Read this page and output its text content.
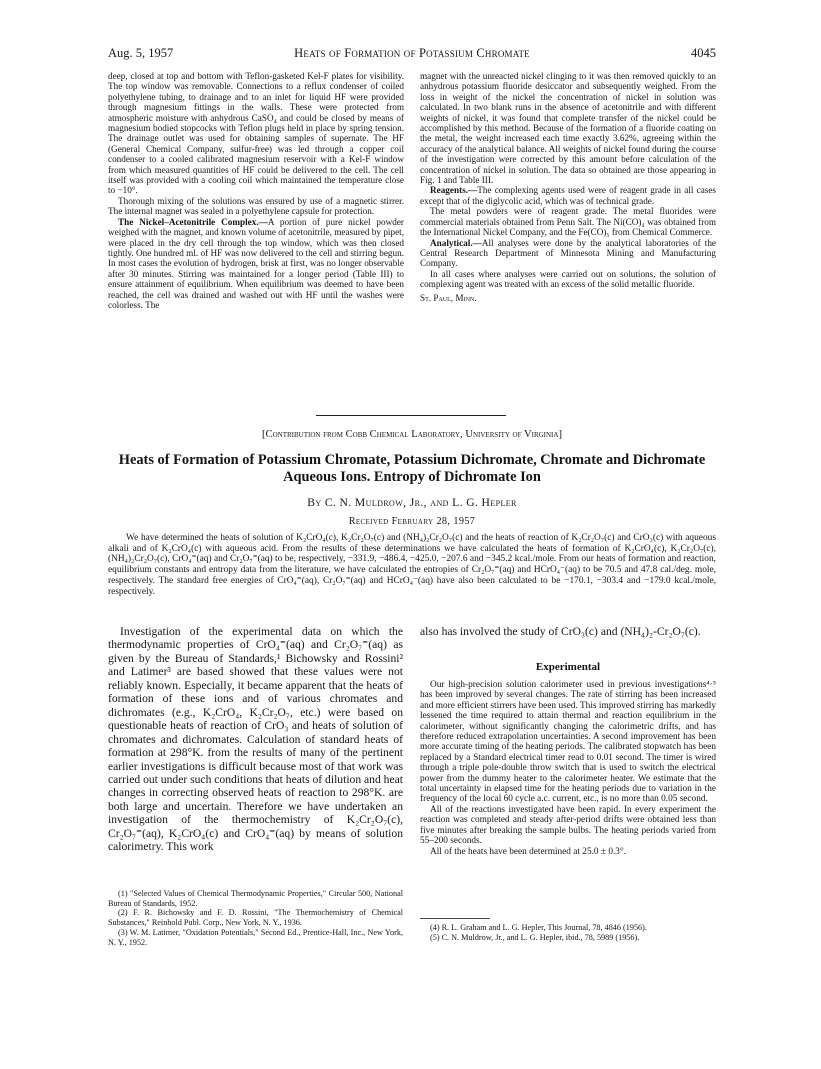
Aug. 5, 1957	Heats of Formation of Potassium Chromate	4045

deep, closed at top and bottom with Teflon-gasketed Kel-F plates for visibility. The top window was removable. Connections to a reflux condenser of coiled polyethylene tubing, to drainage and to an inlet for liquid HF were provided through magnesium fittings in the walls. These were protected from atmospheric moisture with anhydrous CaSO₄ and could be closed by means of magnesium bodied stopcocks with Teflon plugs held in place by spring tension. The drainage outlet was used for obtaining samples of supernate. The HF (General Chemical Company, sulfur-free) was led through a copper coil condenser to a cooled calibrated magnesium reservoir with a Kel-F window from which measured quantities of HF could be delivered to the cell. The cell itself was provided with a cooling coil which maintained the temperature close to −10°.

Thorough mixing of the solutions was ensured by use of a magnetic stirrer. The internal magnet was sealed in a polyethylene capsule for protection.

The Nickel–Acetonitrile Complex.—A portion of pure nickel powder weighed with the magnet, and known volume of acetonitrile, measured by pipet, were placed in the dry cell through the top window, which was then closed tightly. One hundred ml. of HF was now delivered to the cell and stirring begun. In most cases the evolution of hydrogen, brisk at first, was no longer observable after 30 minutes. Stirring was maintained for a longer period (Table III) to ensure attainment of equilibrium. When equilibrium was deemed to have been reached, the cell was drained and washed out with HF until the washes were colorless. The

magnet with the unreacted nickel clinging to it was then removed quickly to an anhydrous potassium fluoride desiccator and subsequently weighed. From the loss in weight of the nickel the concentration of nickel in solution was calculated. In two blank runs in the absence of acetonitrile and with different weights of nickel, it was found that complete transfer of the nickel could be accomplished by this method. Because of the formation of a fluoride coating on the metal, the weight increased each time exactly 3.62%, agreeing within the accuracy of the analytical balance. All weights of nickel found during the course of the investigation were corrected by this amount before calculation of the concentration of nickel in solution. The data so obtained are those appearing in Fig. 1 and Table III.

Reagents.—The complexing agents used were of reagent grade in all cases except that of the diglycolic acid, which was of technical grade.

The metal powders were of reagent grade. The metal fluorides were commercial materials obtained from Penn Salt. The Ni(CO)₄ was obtained from the International Nickel Company, and the Fe(CO)₅ from Chemical Commerce.

Analytical.—All analyses were done by the analytical laboratories of the Central Research Department of Minnesota Mining and Manufacturing Company.

In all cases where analyses were carried out on solutions, the solution of complexing agent was treated with an excess of the solid metallic fluoride.

St. Paul, Minn.

[Contribution from Cobb Chemical Laboratory, University of Virginia]
Heats of Formation of Potassium Chromate, Potassium Dichromate, Chromate and Dichromate Aqueous Ions. Entropy of Dichromate Ion
By C. N. Muldrow, Jr., and L. G. Hepler
Received February 28, 1957
We have determined the heats of solution of K₂CrO₄(c), K₂Cr₂O₇(c) and (NH₄)₂Cr₂O₇(c) and the heats of reaction of K₂Cr₂O₇(c) and CrO₃(c) with aqueous alkali and of K₂CrO₄(c) with aqueous acid. From the results of these determinations we have calculated the heats of formation of K₂CrO₄(c), K₂Cr₂O₇(c), (NH₄)₂Cr₂O₇(c), CrO₄⁼(aq) and Cr₂O₇⁼(aq) to be, respectively, −331.9, −486.4, −425.0, −207.6 and −345.2 kcal./mole. From our heats of formation and reaction, equilibrium constants and entropy data from the literature, we have calculated the entropies of Cr₂O₇⁼(aq) and HCrO₄⁻(aq) to be 70.5 and 47.8 cal./deg. mole, respectively. The standard free energies of CrO₄⁼(aq), Cr₂O₇⁼(aq) and HCrO₄⁻(aq) have also been calculated to be −170.1, −303.4 and −179.0 kcal./mole, respectively.

Investigation of the experimental data on which the thermodynamic properties of CrO₄⁼(aq) and Cr₂O₇⁼(aq) as given by the Bureau of Standards,¹ Bichowsky and Rossini² and Latimer³ are based showed that these values were not reliably known. Especially, it became apparent that the heats of formation of these ions and of various chromates and dichromates (e.g., K₂CrO₄, K₂Cr₂O₇, etc.) were based on questionable heats of reaction of CrO₃ and heats of solution of chromates and dichromates. Calculation of standard heats of formation at 298°K. from the results of many of the pertinent earlier investigations is difficult because most of that work was carried out under such conditions that heats of dilution and heat changes in correcting observed heats of reaction to 298°K. are both large and uncertain. Therefore we have undertaken an investigation of the thermochemistry of K₂Cr₂O₇(c), Cr₂O₇⁼(aq), K₂CrO₄(c) and CrO₄⁼(aq) by means of solution calorimetry. This work

(1) "Selected Values of Chemical Thermodynamic Properties," Circular 500, National Bureau of Standards, 1952.

(2) F. R. Bichowsky and F. D. Rossini, "The Thermochemistry of Chemical Substances," Reinhold Publ. Corp., New York, N. Y., 1936.

(3) W. M. Latimer, "Oxidation Potentials," Second Ed., Prentice-Hall, Inc., New York, N. Y., 1952.

also has involved the study of CrO₃(c) and (NH₄)₂-Cr₂O₇(c).
Experimental

Our high-precision solution calorimeter used in previous investigations⁴·⁵ has been improved by several changes. The rate of stirring has been increased and more efficient stirrers have been used. This improved stirring has markedly lessened the time required to attain thermal and reaction equilibrium in the calorimeter, without significantly changing the calorimetric drifts, and has therefore reduced extrapolation uncertainties. A second improvement has been more accurate timing of the heating periods. The calibrated stopwatch has been replaced by a Standard electrical timer read to 0.01 second. The timer is wired through a triple pole-double throw switch that is used to switch the electrical power from the dummy heater to the calorimeter heater. We estimate that the total uncertainty in elapsed time for the heating periods due to variation in the frequency of the local 60 cycle a.c. current, etc., is no more than 0.05 second.

All of the reactions investigated have been rapid. In every experiment the reaction was completed and steady after-period drifts were obtained less than five minutes after breaking the sample bulbs. The heating periods varied from 55–200 seconds.

All of the heats have been determined at 25.0 ± 0.3°.

(4) R. L. Graham and L. G. Hepler, This Journal, 78, 4846 (1956).

(5) C. N. Muldrow, Jr., and L. G. Hepler, ibid., 78, 5989 (1956).
